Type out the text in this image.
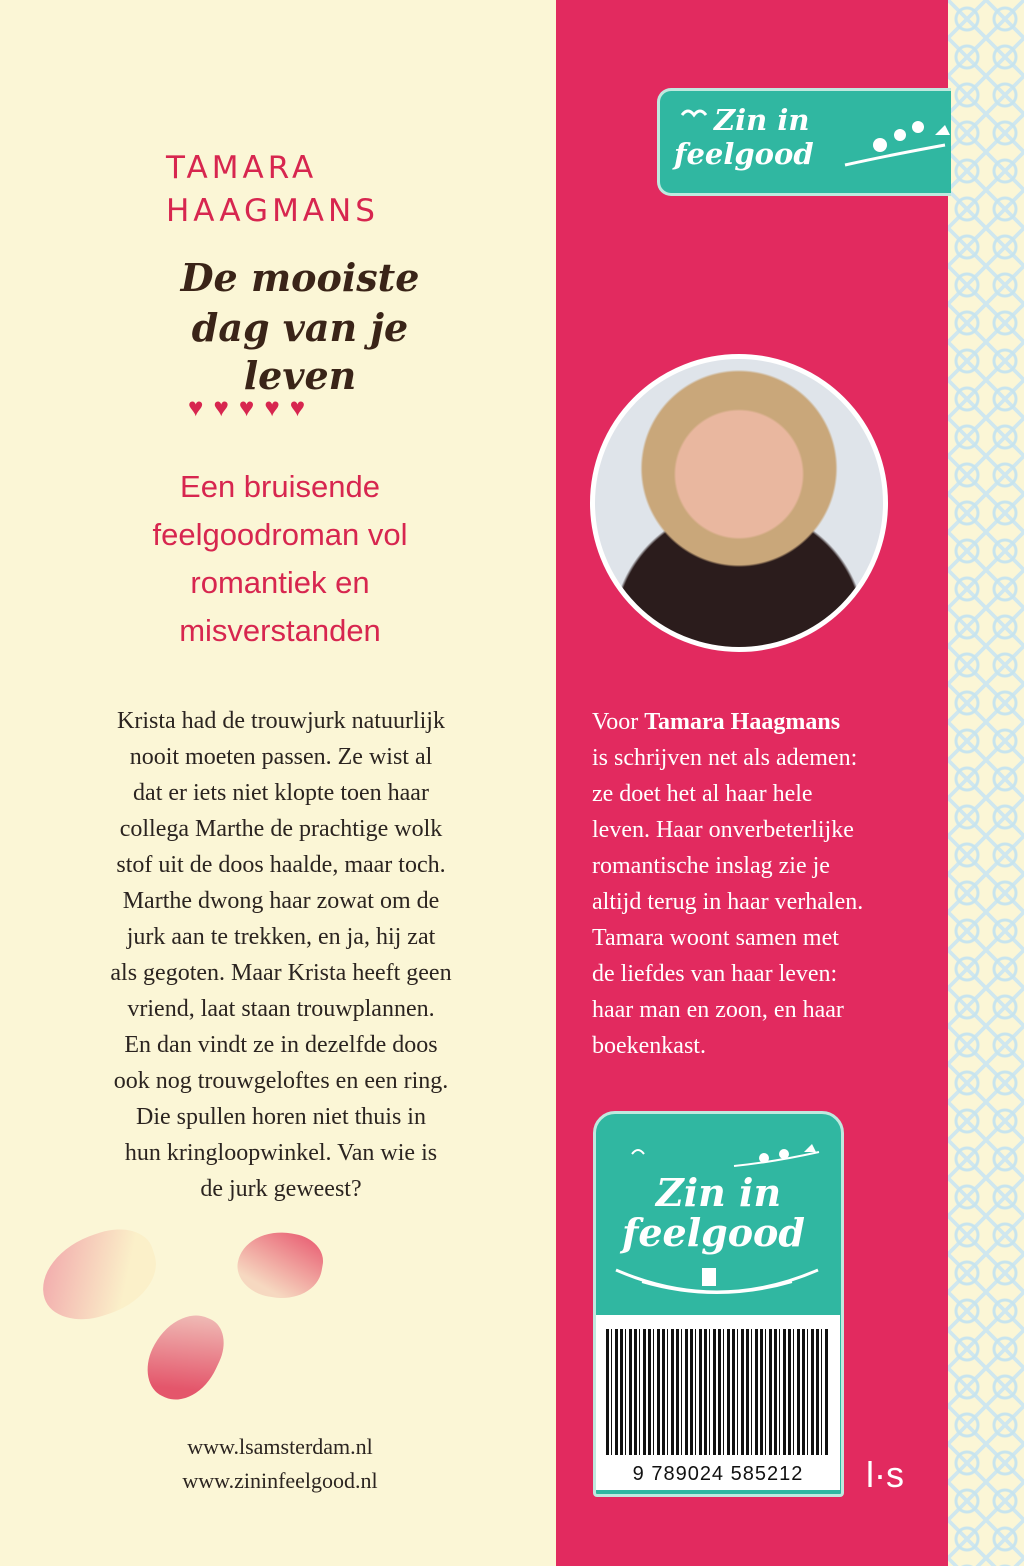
TAMARA
HAAGMANS
De mooiste
dag van je leven
♥♥♥♥♥
Een bruisende
feelgoodroman vol
romantiek en
misverstanden

Krista had de trouwjurk natuurlijk

nooit moeten passen. Ze wist al

dat er iets niet klopte toen haar

collega Marthe de prachtige wolk

stof uit de doos haalde, maar toch.

Marthe dwong haar zowat om de

jurk aan te trekken, en ja, hij zat

als gegoten. Maar Krista heeft geen

vriend, laat staan trouwplannen.

En dan vindt ze in dezelfde doos

ook nog trouwgeloftes en een ring.

Die spullen horen niet thuis in

hun kringloopwinkel. Van wie is

de jurk geweest?

www.lsamsterdam.nl
www.zininfeelgood.nl
Zin in
feelgood
Voor Tamara Haagmans
is schrijven net als ademen:
ze doet het al haar hele
leven. Haar onverbeterlijke
romantische inslag zie je
altijd terug in haar verhalen.
Tamara woont samen met
de liefdes van haar leven:
haar man en zoon, en haar
boekenkast.
Zin in
feelgood
9 789024 585212	l·s
